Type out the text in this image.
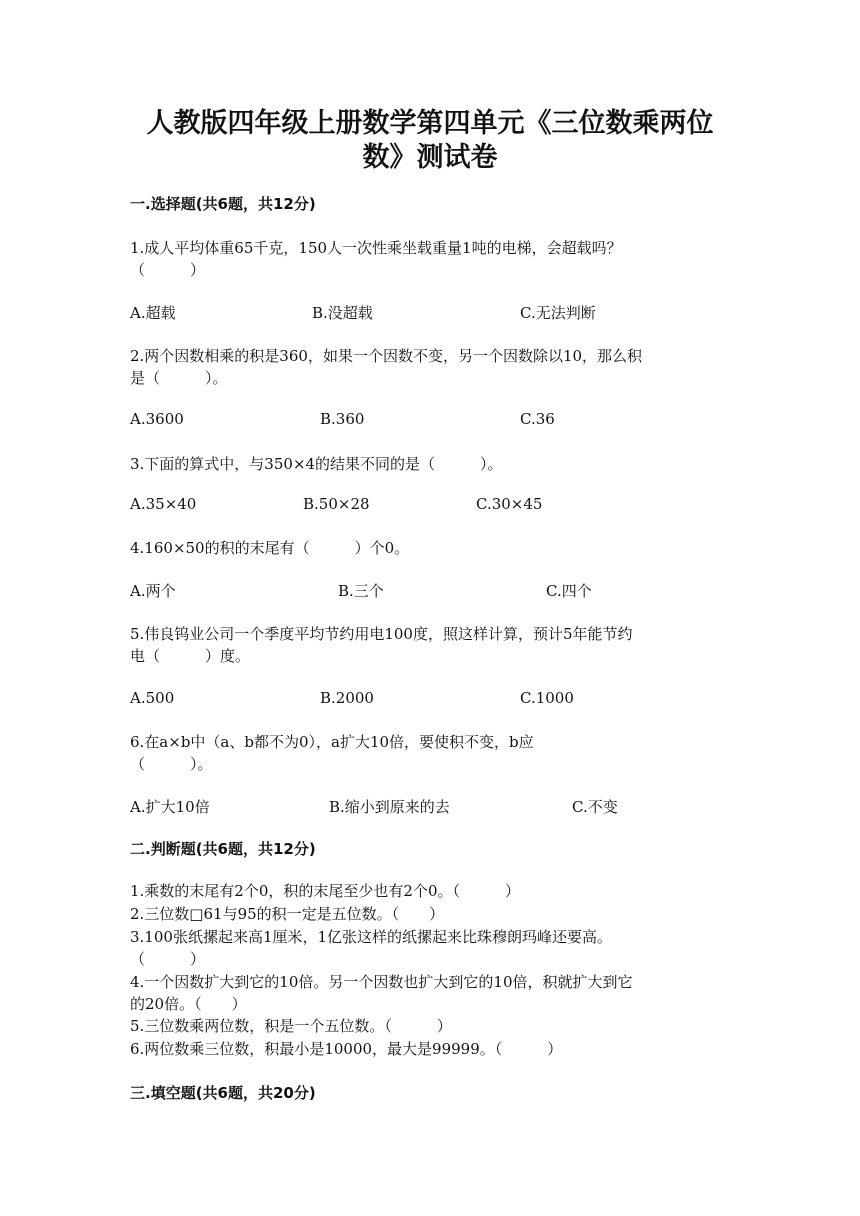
人教版四年级上册数学第四单元《三位数乘两位
数》测试卷
一.选择题(共6题，共12分)
1.成人平均体重65千克，150人一次性乘坐载重量1吨的电梯，会超载吗？
（　　　）
A.超载	B.没超载	C.无法判断
2.两个因数相乘的积是360，如果一个因数不变，另一个因数除以10，那么积
是（　　　）。
A.3600	B.360	C.36
3.下面的算式中，与350×4的结果不同的是（　　　）。
A.35×40	B.50×28	C.30×45
4.160×50的积的末尾有（　　　）个0。
A.两个	B.三个	C.四个
5.伟良钨业公司一个季度平均节约用电100度，照这样计算，预计5年能节约
电（　　　）度。
A.500	B.2000	C.1000
6.在a×b中（a、b都不为0），a扩大10倍，要使积不变，b应
（　　　）。
A.扩大10倍	B.缩小到原来的去	C.不变
二.判断题(共6题，共12分)
1.乘数的末尾有2个0，积的末尾至少也有2个0。（　　　）
2.三位数□61与95的积一定是五位数。（　　）
3.100张纸摞起来高1厘米，1亿张这样的纸摞起来比珠穆朗玛峰还要高。
（　　　）
4.一个因数扩大到它的10倍。另一个因数也扩大到它的10倍，积就扩大到它
的20倍。（　　）
5.三位数乘两位数，积是一个五位数。（　　　）
6.两位数乘三位数，积最小是10000，最大是99999。（　　　）
三.填空题(共6题，共20分)
